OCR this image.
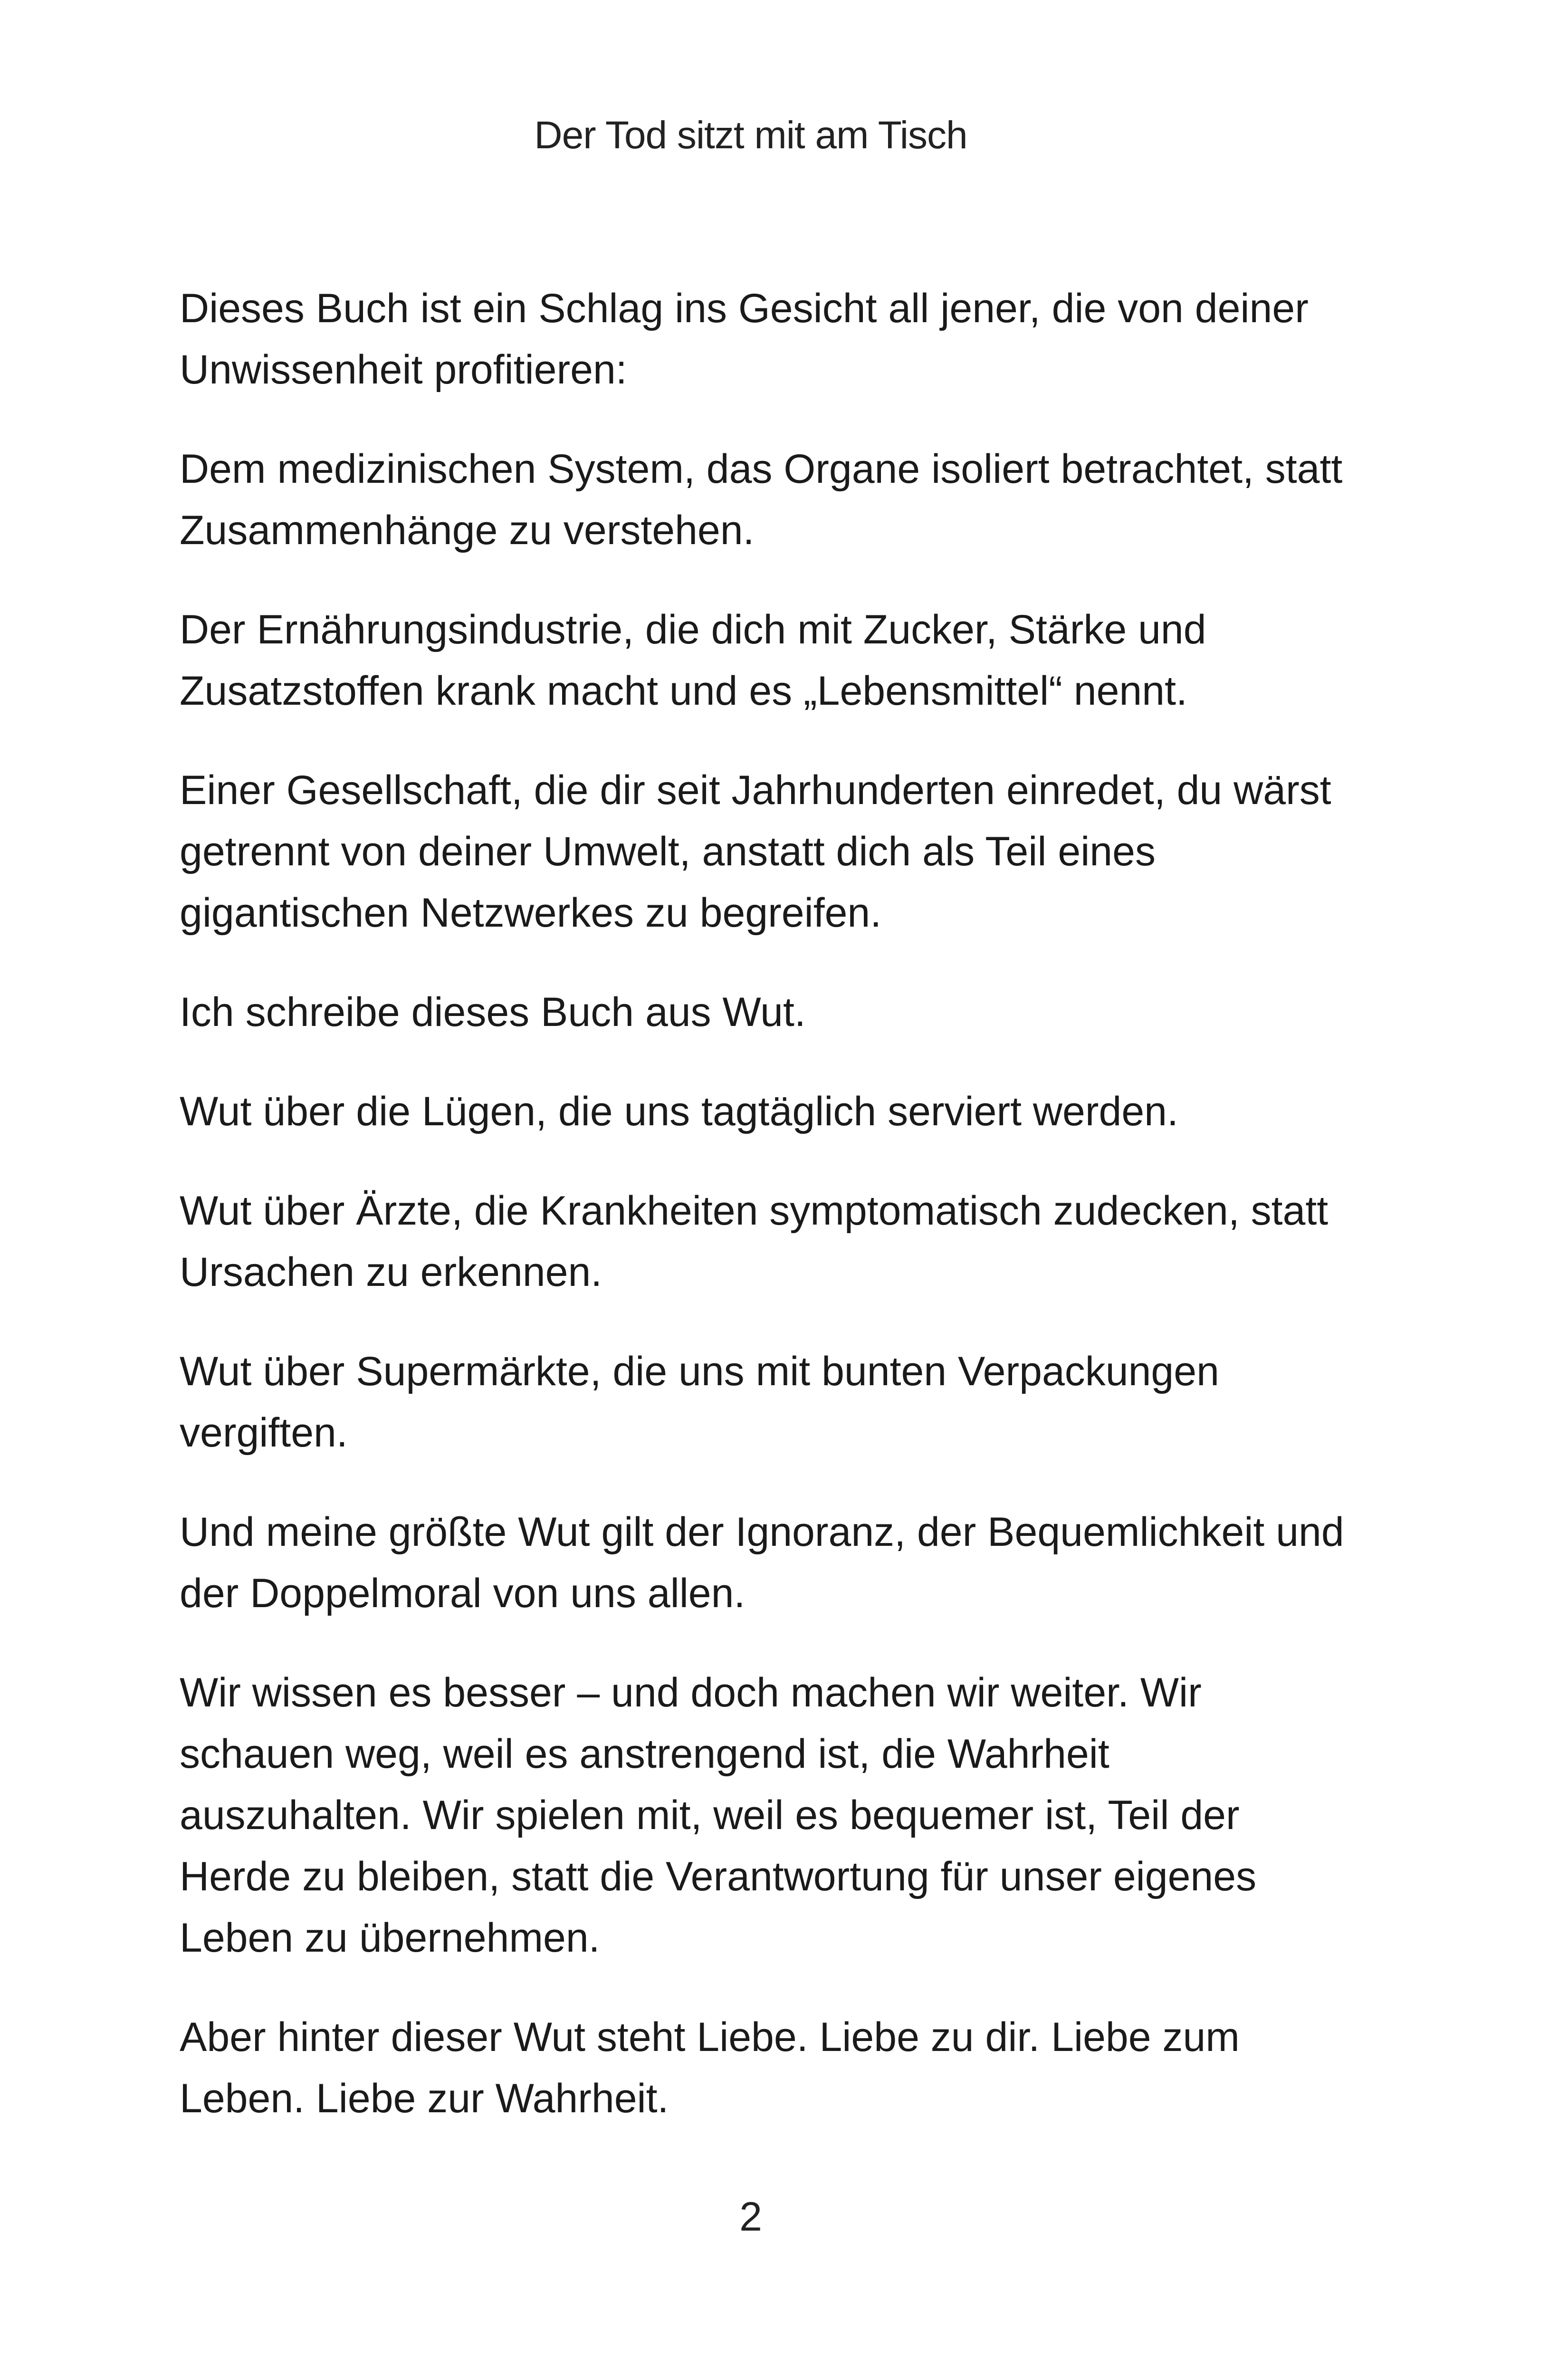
Der Tod sitzt mit am Tisch

Dieses Buch ist ein Schlag ins Gesicht all jener, die von deiner Unwissenheit profitieren:

Dem medizinischen System, das Organe isoliert betrachtet, statt Zusammenhänge zu verstehen.

Der Ernährungsindustrie, die dich mit Zucker, Stärke und Zusatzstoffen krank macht und es „Lebensmittel“ nennt.

Einer Gesellschaft, die dir seit Jahrhunderten einredet, du wärst getrennt von deiner Umwelt, anstatt dich als Teil eines gigantischen Netzwerkes zu begreifen.

Ich schreibe dieses Buch aus Wut.

Wut über die Lügen, die uns tagtäglich serviert werden.

Wut über Ärzte, die Krankheiten symptomatisch zudecken, statt Ursachen zu erkennen.

Wut über Supermärkte, die uns mit bunten Verpackungen vergiften.

Und meine größte Wut gilt der Ignoranz, der Bequemlichkeit und der Doppelmoral von uns allen.

Wir wissen es besser – und doch machen wir weiter. Wir schauen weg, weil es anstrengend ist, die Wahrheit auszuhalten. Wir spielen mit, weil es bequemer ist, Teil der Herde zu bleiben, statt die Verantwortung für unser eigenes Leben zu übernehmen.

Aber hinter dieser Wut steht Liebe. Liebe zu dir. Liebe zum Leben. Liebe zur Wahrheit.

2
